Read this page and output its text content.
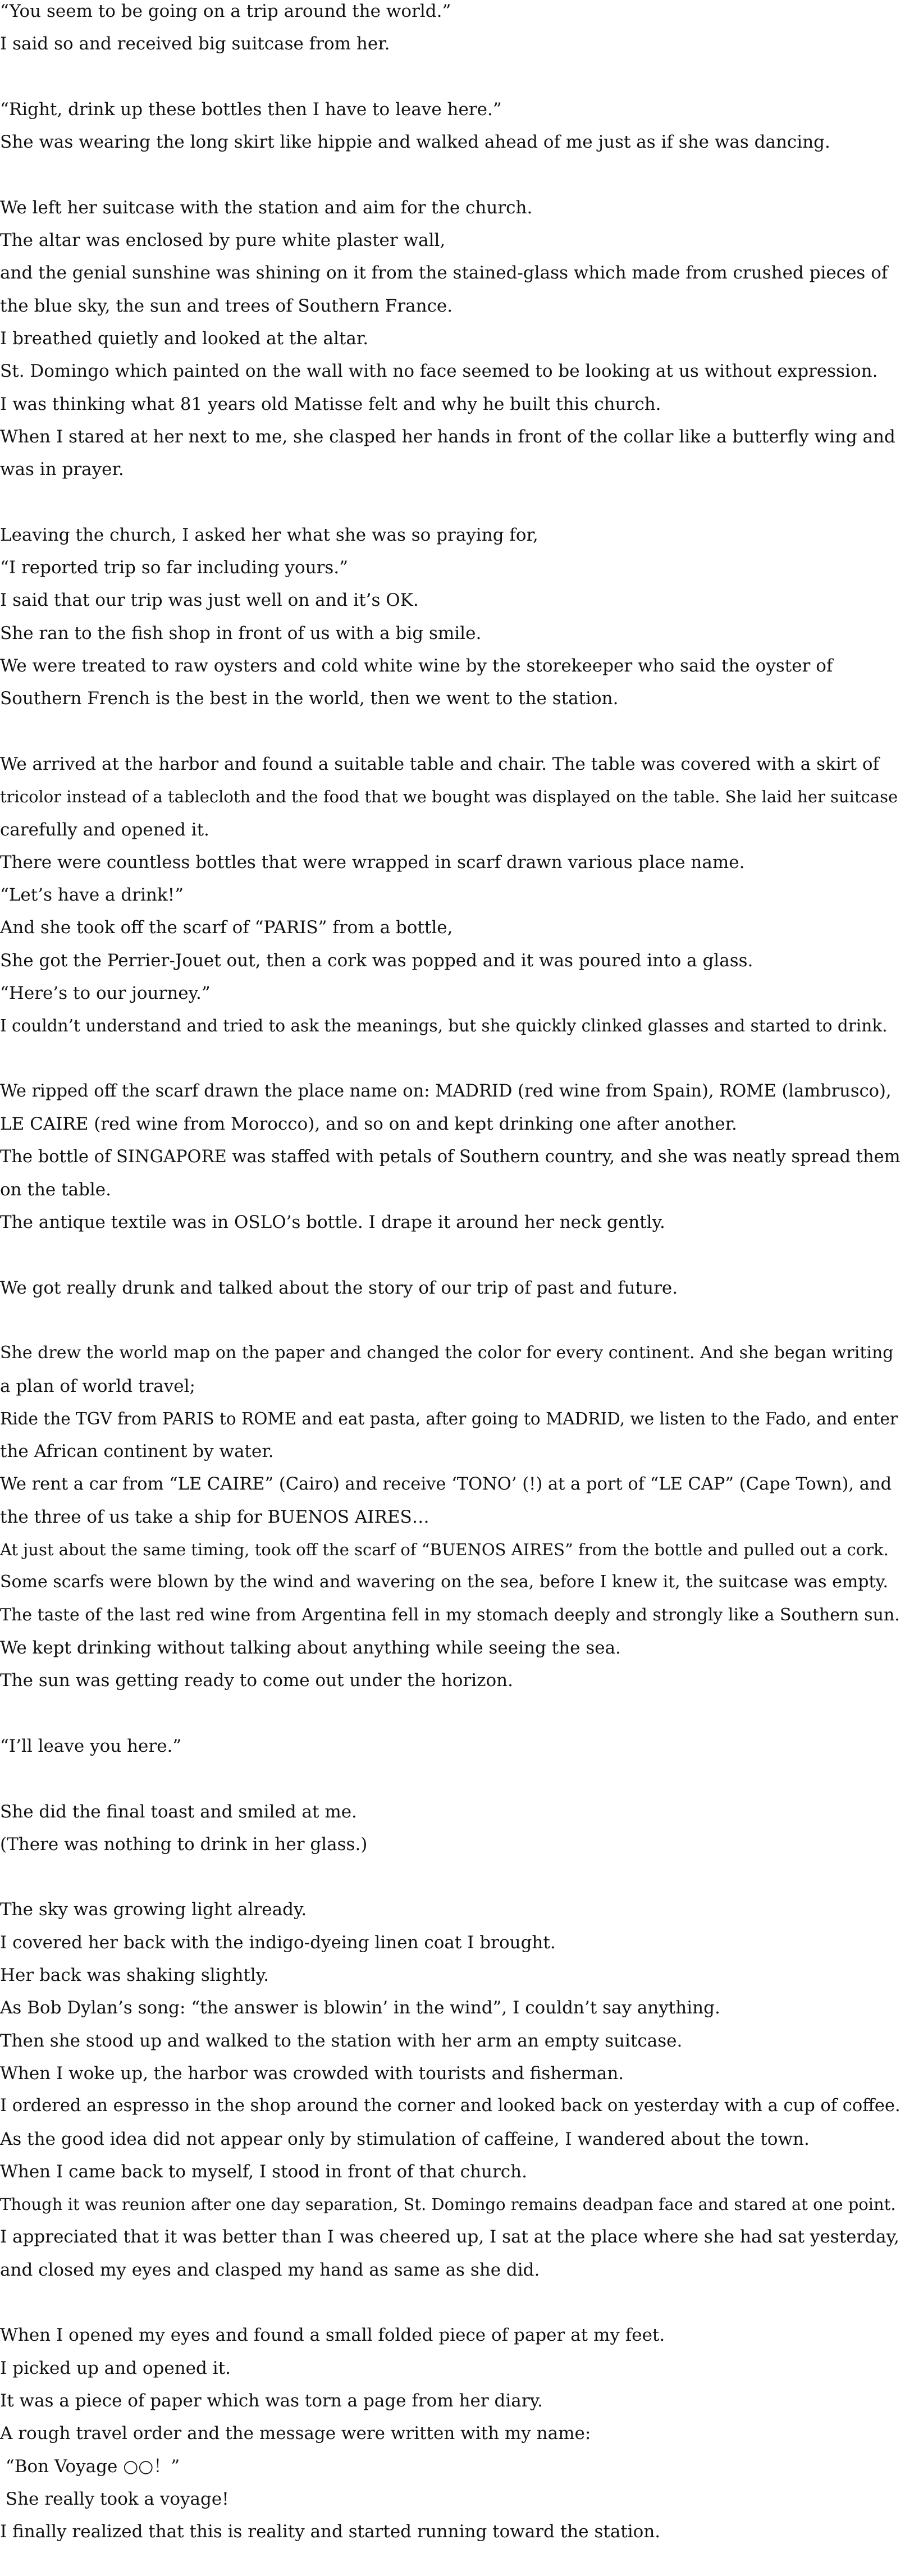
“You seem to be going on a trip around the world.”

I said so and received big suitcase from her.

“Right, drink up these bottles then I have to leave here.”

She was wearing the long skirt like hippie and walked ahead of me just as if she was dancing.

We left her suitcase with the station and aim for the church.

The altar was enclosed by pure white plaster wall,

and the genial sunshine was shining on it from the stained-glass which made from crushed pieces of

the blue sky, the sun and trees of Southern France.

I breathed quietly and looked at the altar.

St. Domingo which painted on the wall with no face seemed to be looking at us without expression.

I was thinking what 81 years old Matisse felt and why he built this church.

When I stared at her next to me, she clasped her hands in front of the collar like a butterfly wing and

was in prayer.

Leaving the church, I asked her what she was so praying for,

“I reported trip so far including yours.”

I said that our trip was just well on and it’s OK.

She ran to the fish shop in front of us with a big smile.

We were treated to raw oysters and cold white wine by the storekeeper who said the oyster of

Southern French is the best in the world, then we went to the station.

We arrived at the harbor and found a suitable table and chair. The table was covered with a skirt of

tricolor instead of a tablecloth and the food that we bought was displayed on the table. She laid her suitcase

carefully and opened it.

There were countless bottles that were wrapped in scarf drawn various place name.

“Let’s have a drink!”

And she took off the scarf of “PARIS” from a bottle,

She got the Perrier-Jouet out, then a cork was popped and it was poured into a glass.

“Here’s to our journey.”

I couldn’t understand and tried to ask the meanings, but she quickly clinked glasses and started to drink.

We ripped off the scarf drawn the place name on: MADRID (red wine from Spain), ROME (lambrusco),

LE CAIRE (red wine from Morocco), and so on and kept drinking one after another.

The bottle of SINGAPORE was staffed with petals of Southern country, and she was neatly spread them

on the table.

The antique textile was in OSLO’s bottle. I drape it around her neck gently.

We got really drunk and talked about the story of our trip of past and future.

She drew the world map on the paper and changed the color for every continent. And she began writing

a plan of world travel;

Ride the TGV from PARIS to ROME and eat pasta, after going to MADRID, we listen to the Fado, and enter

the African continent by water.

We rent a car from “LE CAIRE” (Cairo) and receive ‘TONO’ (!) at a port of “LE CAP” (Cape Town), and

the three of us take a ship for BUENOS AIRES…

At just about the same timing, took off the scarf of “BUENOS AIRES” from the bottle and pulled out a cork.

Some scarfs were blown by the wind and wavering on the sea, before I knew it, the suitcase was empty.

The taste of the last red wine from Argentina fell in my stomach deeply and strongly like a Southern sun.

We kept drinking without talking about anything while seeing the sea.

The sun was getting ready to come out under the horizon.

“I’ll leave you here.”

She did the final toast and smiled at me.

(There was nothing to drink in her glass.)

The sky was growing light already.

I covered her back with the indigo-dyeing linen coat I brought.

Her back was shaking slightly.

As Bob Dylan’s song: “the answer is blowin’ in the wind”, I couldn’t say anything.

Then she stood up and walked to the station with her arm an empty suitcase.

When I woke up, the harbor was crowded with tourists and fisherman.

I ordered an espresso in the shop around the corner and looked back on yesterday with a cup of coffee.

As the good idea did not appear only by stimulation of caffeine, I wandered about the town.

When I came back to myself, I stood in front of that church.

Though it was reunion after one day separation, St. Domingo remains deadpan face and stared at one point.

I appreciated that it was better than I was cheered up, I sat at the place where she had sat yesterday,

and closed my eyes and clasped my hand as same as she did.

When I opened my eyes and found a small folded piece of paper at my feet.

I picked up and opened it.

It was a piece of paper which was torn a page from her diary.

A rough travel order and the message were written with my name:

“Bon Voyage ○○！”

She really took a voyage!

I finally realized that this is reality and started running toward the station.
